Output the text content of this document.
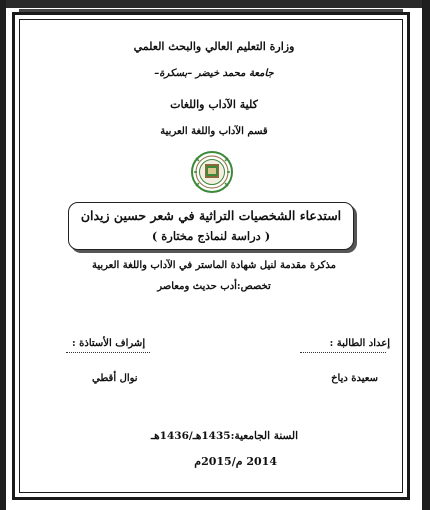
وزارة التعليم العالي والبحث العلمي
جامعة محمد خيضر –بسكرة–
كلية الآداب واللغات
قسم الآداب واللغة العربية
استدعاء الشخصيات التراثية في شعر حسين زيدان
( دراسة لنماذج مختارة )
مذكرة مقدمة لنيل شهادة الماستر في الآداب واللغة العربية
تخصص:أدب حديث ومعاصر
إعداد الطالبة :
إشراف الأستاذة :
سعيدة دياخ
نوال أقطي
السنة الجامعية:1435هـ/1436هـ
2014 م/2015م
